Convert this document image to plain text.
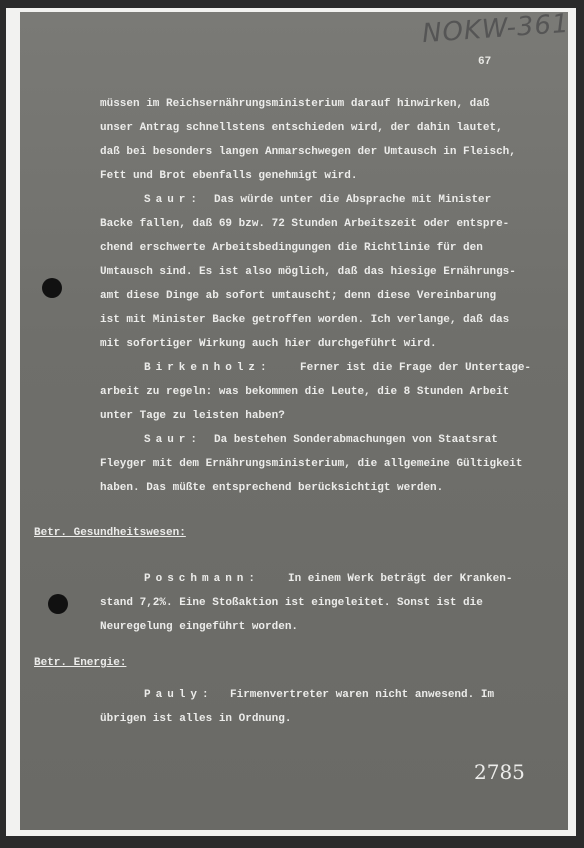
NOKW-361
67
müssen im Reichsernährungsministerium darauf hinwirken, daß
unser Antrag schnellstens entschieden wird, der dahin lautet,
daß bei besonders langen Anmarschwegen der Umtausch in Fleisch,
Fett und Brot ebenfalls genehmigt wird.
Saur: Das würde unter die Absprache mit Minister
Backe fallen, daß 69 bzw. 72 Stunden Arbeitszeit oder entspre-
chend erschwerte Arbeitsbedingungen die Richtlinie für den
Umtausch sind. Es ist also möglich, daß das hiesige Ernährungs-
amt diese Dinge ab sofort umtauscht; denn diese Vereinbarung
ist mit Minister Backe getroffen worden. Ich verlange, daß das
mit sofortiger Wirkung auch hier durchgeführt wird.
Birkenholz:	Ferner ist die Frage der Untertage-
arbeit zu regeln: was bekommen die Leute, die 8 Stunden Arbeit
unter Tage zu leisten haben?
Saur: Da bestehen Sonderabmachungen von Staatsrat
Fleyger mit dem Ernährungsministerium, die allgemeine Gültigkeit
haben. Das müßte entsprechend berücksichtigt werden.
Betr. Gesundheitswesen:
Poschmann:	In einem Werk beträgt der Kranken-
stand 7,2%. Eine Stoßaktion ist eingeleitet. Sonst ist die
Neuregelung eingeführt worden.
Betr. Energie:
Pauly: Firmenvertreter waren nicht anwesend. Im
übrigen ist alles in Ordnung.
2785
